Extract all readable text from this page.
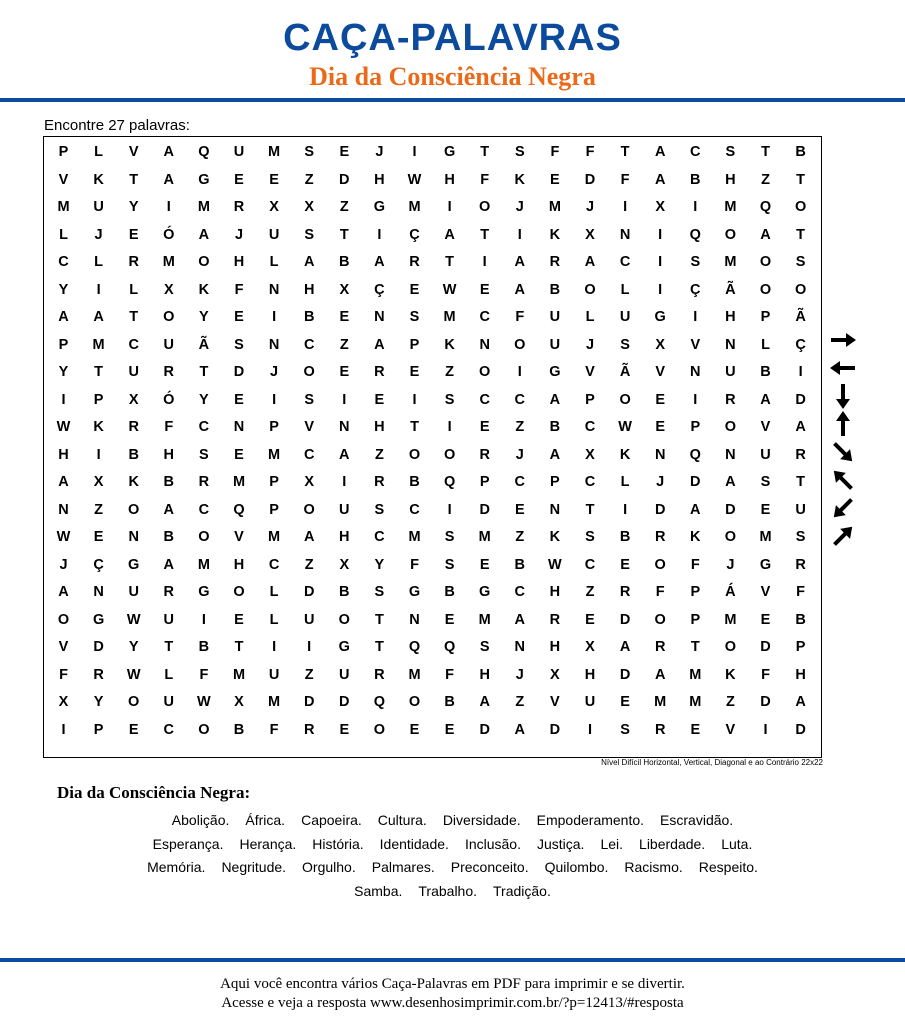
CAÇA-PALAVRAS
Dia da Consciência Negra
Encontre 27 palavras:
P	L	V	A	Q	U	M	S	E	J	I	G	T	S	F	F	T	A	C	S	T	B
V	K	T	A	G	E	E	Z	D	H	W	H	F	K	E	D	F	A	B	H	Z	T
M	U	Y	I	M	R	X	X	Z	G	M	I	O	J	M	J	I	X	I	M	Q	O
L	J	E	Ó	A	J	U	S	T	I	Ç	A	T	I	K	X	N	I	Q	O	A	T
C	L	R	M	O	H	L	A	B	A	R	T	I	A	R	A	C	I	S	M	O	S
Y	I	L	X	K	F	N	H	X	Ç	E	W	E	A	B	O	L	I	Ç	Ã	O	O
A	A	T	O	Y	E	I	B	E	N	S	M	C	F	U	L	U	G	I	H	P	Ã
P	M	C	U	Ã	S	N	C	Z	A	P	K	N	O	U	J	S	X	V	N	L	Ç
Y	T	U	R	T	D	J	O	E	R	E	Z	O	I	G	V	Ã	V	N	U	B	I
I	P	X	Ó	Y	E	I	S	I	E	I	S	C	C	A	P	O	E	I	R	A	D
W	K	R	F	C	N	P	V	N	H	T	I	E	Z	B	C	W	E	P	O	V	A
H	I	B	H	S	E	M	C	A	Z	O	O	R	J	A	X	K	N	Q	N	U	R
A	X	K	B	R	M	P	X	I	R	B	Q	P	C	P	C	L	J	D	A	S	T
N	Z	O	A	C	Q	P	O	U	S	C	I	D	E	N	T	I	D	A	D	E	U
W	E	N	B	O	V	M	A	H	C	M	S	M	Z	K	S	B	R	K	O	M	S
J	Ç	G	A	M	H	C	Z	X	Y	F	S	E	B	W	C	E	O	F	J	G	R
A	N	U	R	G	O	L	D	B	S	G	B	G	C	H	Z	R	F	P	Á	V	F
O	G	W	U	I	E	L	U	O	T	N	E	M	A	R	E	D	O	P	M	E	B
V	D	Y	T	B	T	I	I	G	T	Q	Q	S	N	H	X	A	R	T	O	D	P
F	R	W	L	F	M	U	Z	U	R	M	F	H	J	X	H	D	A	M	K	F	H
X	Y	O	U	W	X	M	D	D	Q	O	B	A	Z	V	U	E	M	M	Z	D	A
I	P	E	C	O	B	F	R	E	O	E	E	D	A	D	I	S	R	E	V	I	D
Nível Difícil Horizontal, Vertical, Diagonal e ao Contrário 22x22
Dia da Consciência Negra:
Abolição. África. Capoeira. Cultura. Diversidade. Empoderamento. Escravidão.
Esperança. Herança. História. Identidade. Inclusão. Justiça. Lei. Liberdade. Luta.
Memória. Negritude. Orgulho. Palmares. Preconceito. Quilombo. Racismo. Respeito.
Samba. Trabalho. Tradição.
Aqui você encontra vários Caça-Palavras em PDF para imprimir e se divertir.
Acesse e veja a resposta www.desenhosimprimir.com.br/?p=12413/#resposta
